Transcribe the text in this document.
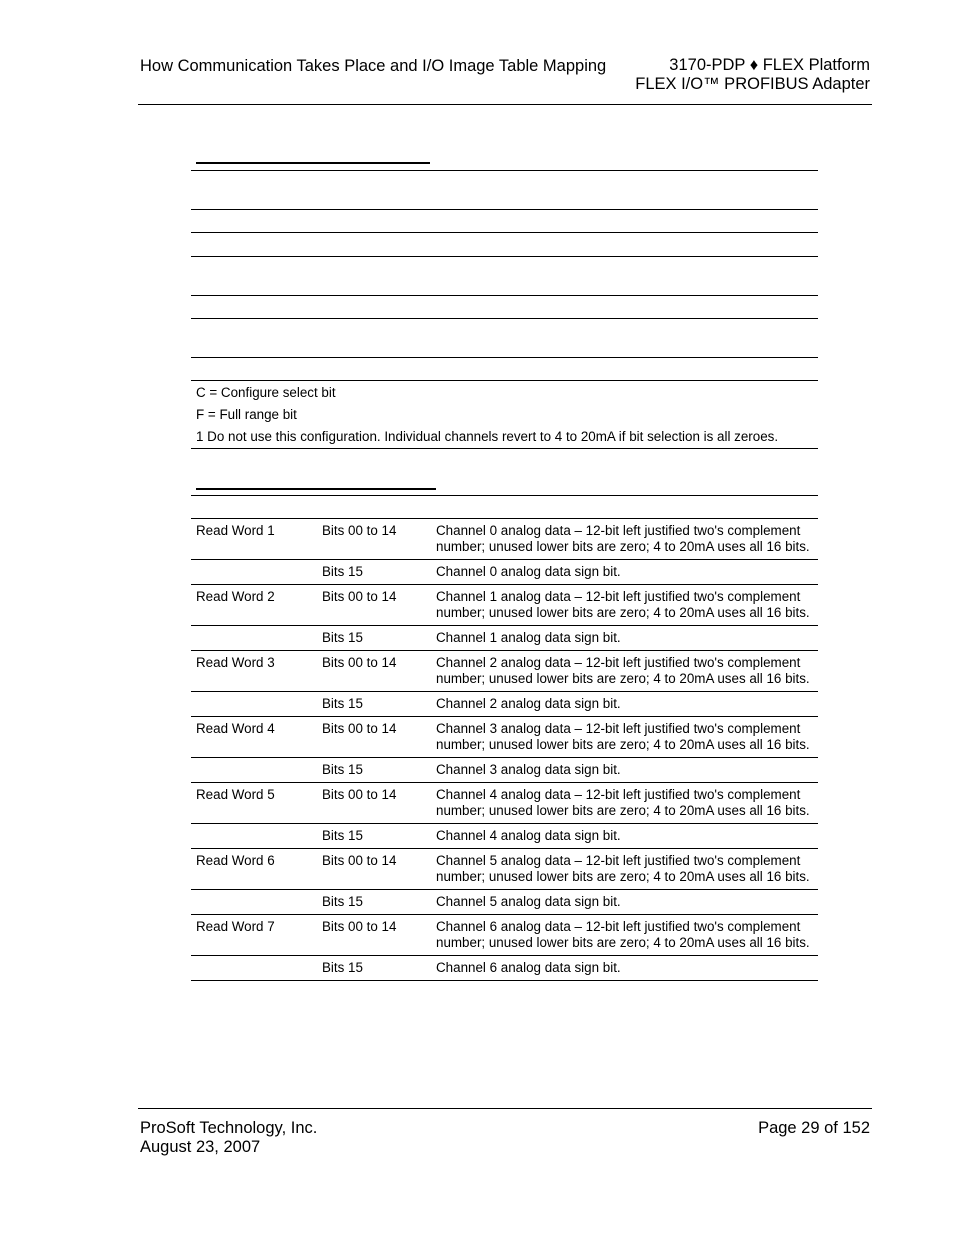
How Communication Takes Place and I/O Image Table Mapping	3170-PDP ♦ FLEX Platform
FLEX I/O™ PROFIBUS Adapter
C = Configure select bit
F = Full range bit
1 Do not use this configuration. Individual channels revert to 4 to 20mA if bit selection is all zeroes.
Read Word 1	Bits 00 to 14	Channel 0 analog data – 12-bit left justified two's complement number; unused lower bits are zero; 4 to 20mA uses all 16 bits.
	Bits 15	Channel 0 analog data sign bit.
Read Word 2	Bits 00 to 14	Channel 1 analog data – 12-bit left justified two's complement number; unused lower bits are zero; 4 to 20mA uses all 16 bits.
	Bits 15	Channel 1 analog data sign bit.
Read Word 3	Bits 00 to 14	Channel 2 analog data – 12-bit left justified two's complement number; unused lower bits are zero; 4 to 20mA uses all 16 bits.
	Bits 15	Channel 2 analog data sign bit.
Read Word 4	Bits 00 to 14	Channel 3 analog data – 12-bit left justified two's complement number; unused lower bits are zero; 4 to 20mA uses all 16 bits.
	Bits 15	Channel 3 analog data sign bit.
Read Word 5	Bits 00 to 14	Channel 4 analog data – 12-bit left justified two's complement number; unused lower bits are zero; 4 to 20mA uses all 16 bits.
	Bits 15	Channel 4 analog data sign bit.
Read Word 6	Bits 00 to 14	Channel 5 analog data – 12-bit left justified two's complement number; unused lower bits are zero; 4 to 20mA uses all 16 bits.
	Bits 15	Channel 5 analog data sign bit.
Read Word 7	Bits 00 to 14	Channel 6 analog data – 12-bit left justified two's complement number; unused lower bits are zero; 4 to 20mA uses all 16 bits.
	Bits 15	Channel 6 analog data sign bit.
ProSoft Technology, Inc.
August 23, 2007
Page 29 of 152
